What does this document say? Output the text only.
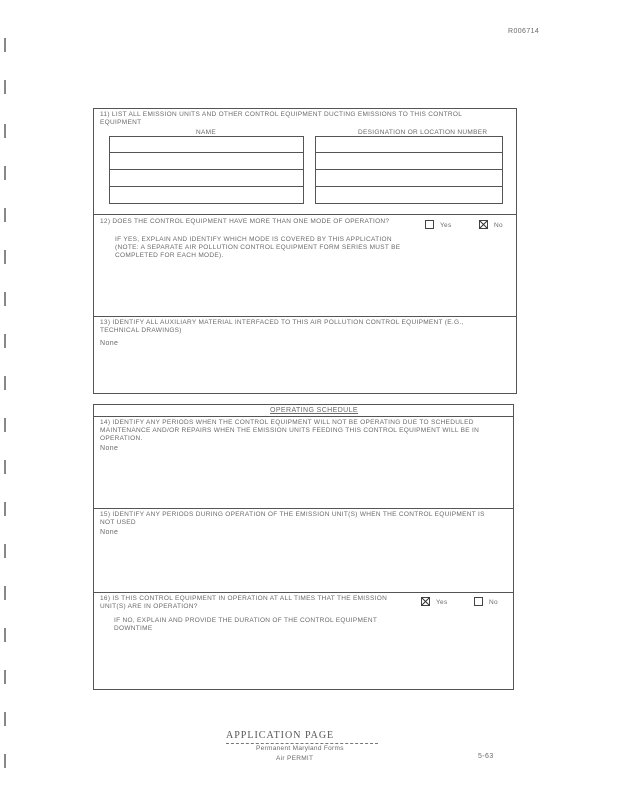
R006714
11) LIST ALL EMISSION UNITS AND OTHER CONTROL EQUIPMENT DUCTING EMISSIONS TO THIS CONTROL EQUIPMENT
NAME	DESIGNATION OR LOCATION NUMBER
12) DOES THE CONTROL EQUIPMENT HAVE MORE THAN ONE MODE OF OPERATION?
Yes	No
IF YES, EXPLAIN AND IDENTIFY WHICH MODE IS COVERED BY THIS APPLICATION (NOTE: A SEPARATE AIR POLLUTION CONTROL EQUIPMENT FORM SERIES MUST BE COMPLETED FOR EACH MODE).
13) IDENTIFY ALL AUXILIARY MATERIAL INTERFACED TO THIS AIR POLLUTION CONTROL EQUIPMENT (E.G., TECHNICAL DRAWINGS)
None
OPERATING SCHEDULE
14) IDENTIFY ANY PERIODS WHEN THE CONTROL EQUIPMENT WILL NOT BE OPERATING DUE TO SCHEDULED MAINTENANCE AND/OR REPAIRS WHEN THE EMISSION UNITS FEEDING THIS CONTROL EQUIPMENT WILL BE IN OPERATION.
None
15) IDENTIFY ANY PERIODS DURING OPERATION OF THE EMISSION UNIT(S) WHEN THE CONTROL EQUIPMENT IS NOT USED
None
16) IS THIS CONTROL EQUIPMENT IN OPERATION AT ALL TIMES THAT THE EMISSION UNIT(S) ARE IN OPERATION?
Yes	No
IF NO, EXPLAIN AND PROVIDE THE DURATION OF THE CONTROL EQUIPMENT DOWNTIME
APPLICATION PAGE
Permanent Maryland Forms
Air PERMIT	5-63
